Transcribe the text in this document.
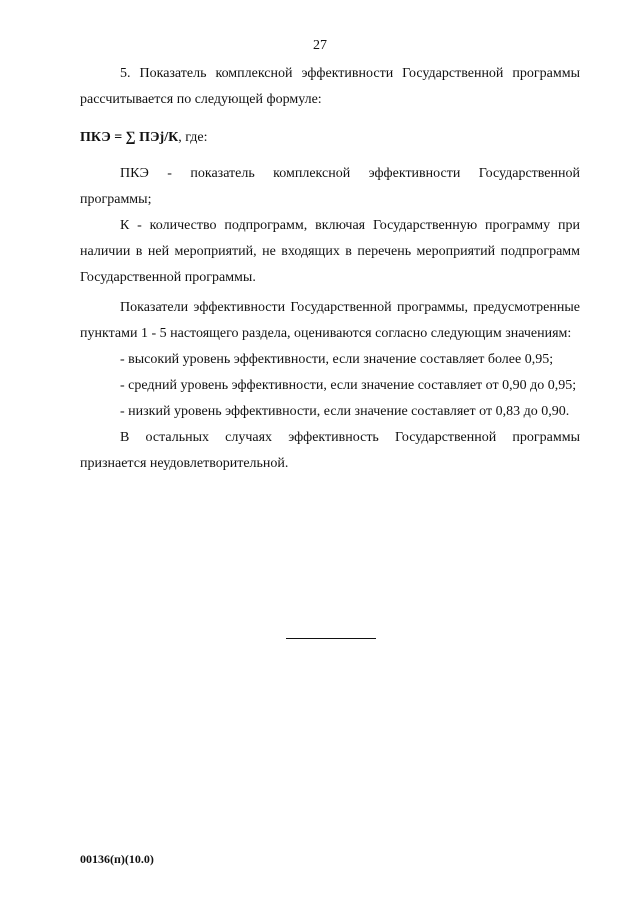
27

5. Показатель комплексной эффективности Государственной программы рассчитывается по следующей формуле:

ПКЭ = ∑ ПЭj/К, где:

ПКЭ - показатель комплексной эффективности Государственной программы;

К - количество подпрограмм, включая Государственную программу при наличии в ней мероприятий, не входящих в перечень мероприятий подпрограмм Государственной программы.

Показатели эффективности Государственной программы, предусмотренные пунктами 1 - 5 настоящего раздела, оцениваются согласно следующим значениям:

- высокий уровень эффективности, если значение составляет более 0,95;

- средний уровень эффективности, если значение составляет от 0,90 до 0,95;

- низкий уровень эффективности, если значение составляет от 0,83 до 0,90.

В остальных случаях эффективность Государственной программы признается неудовлетворительной.

00136(п)(10.0)
